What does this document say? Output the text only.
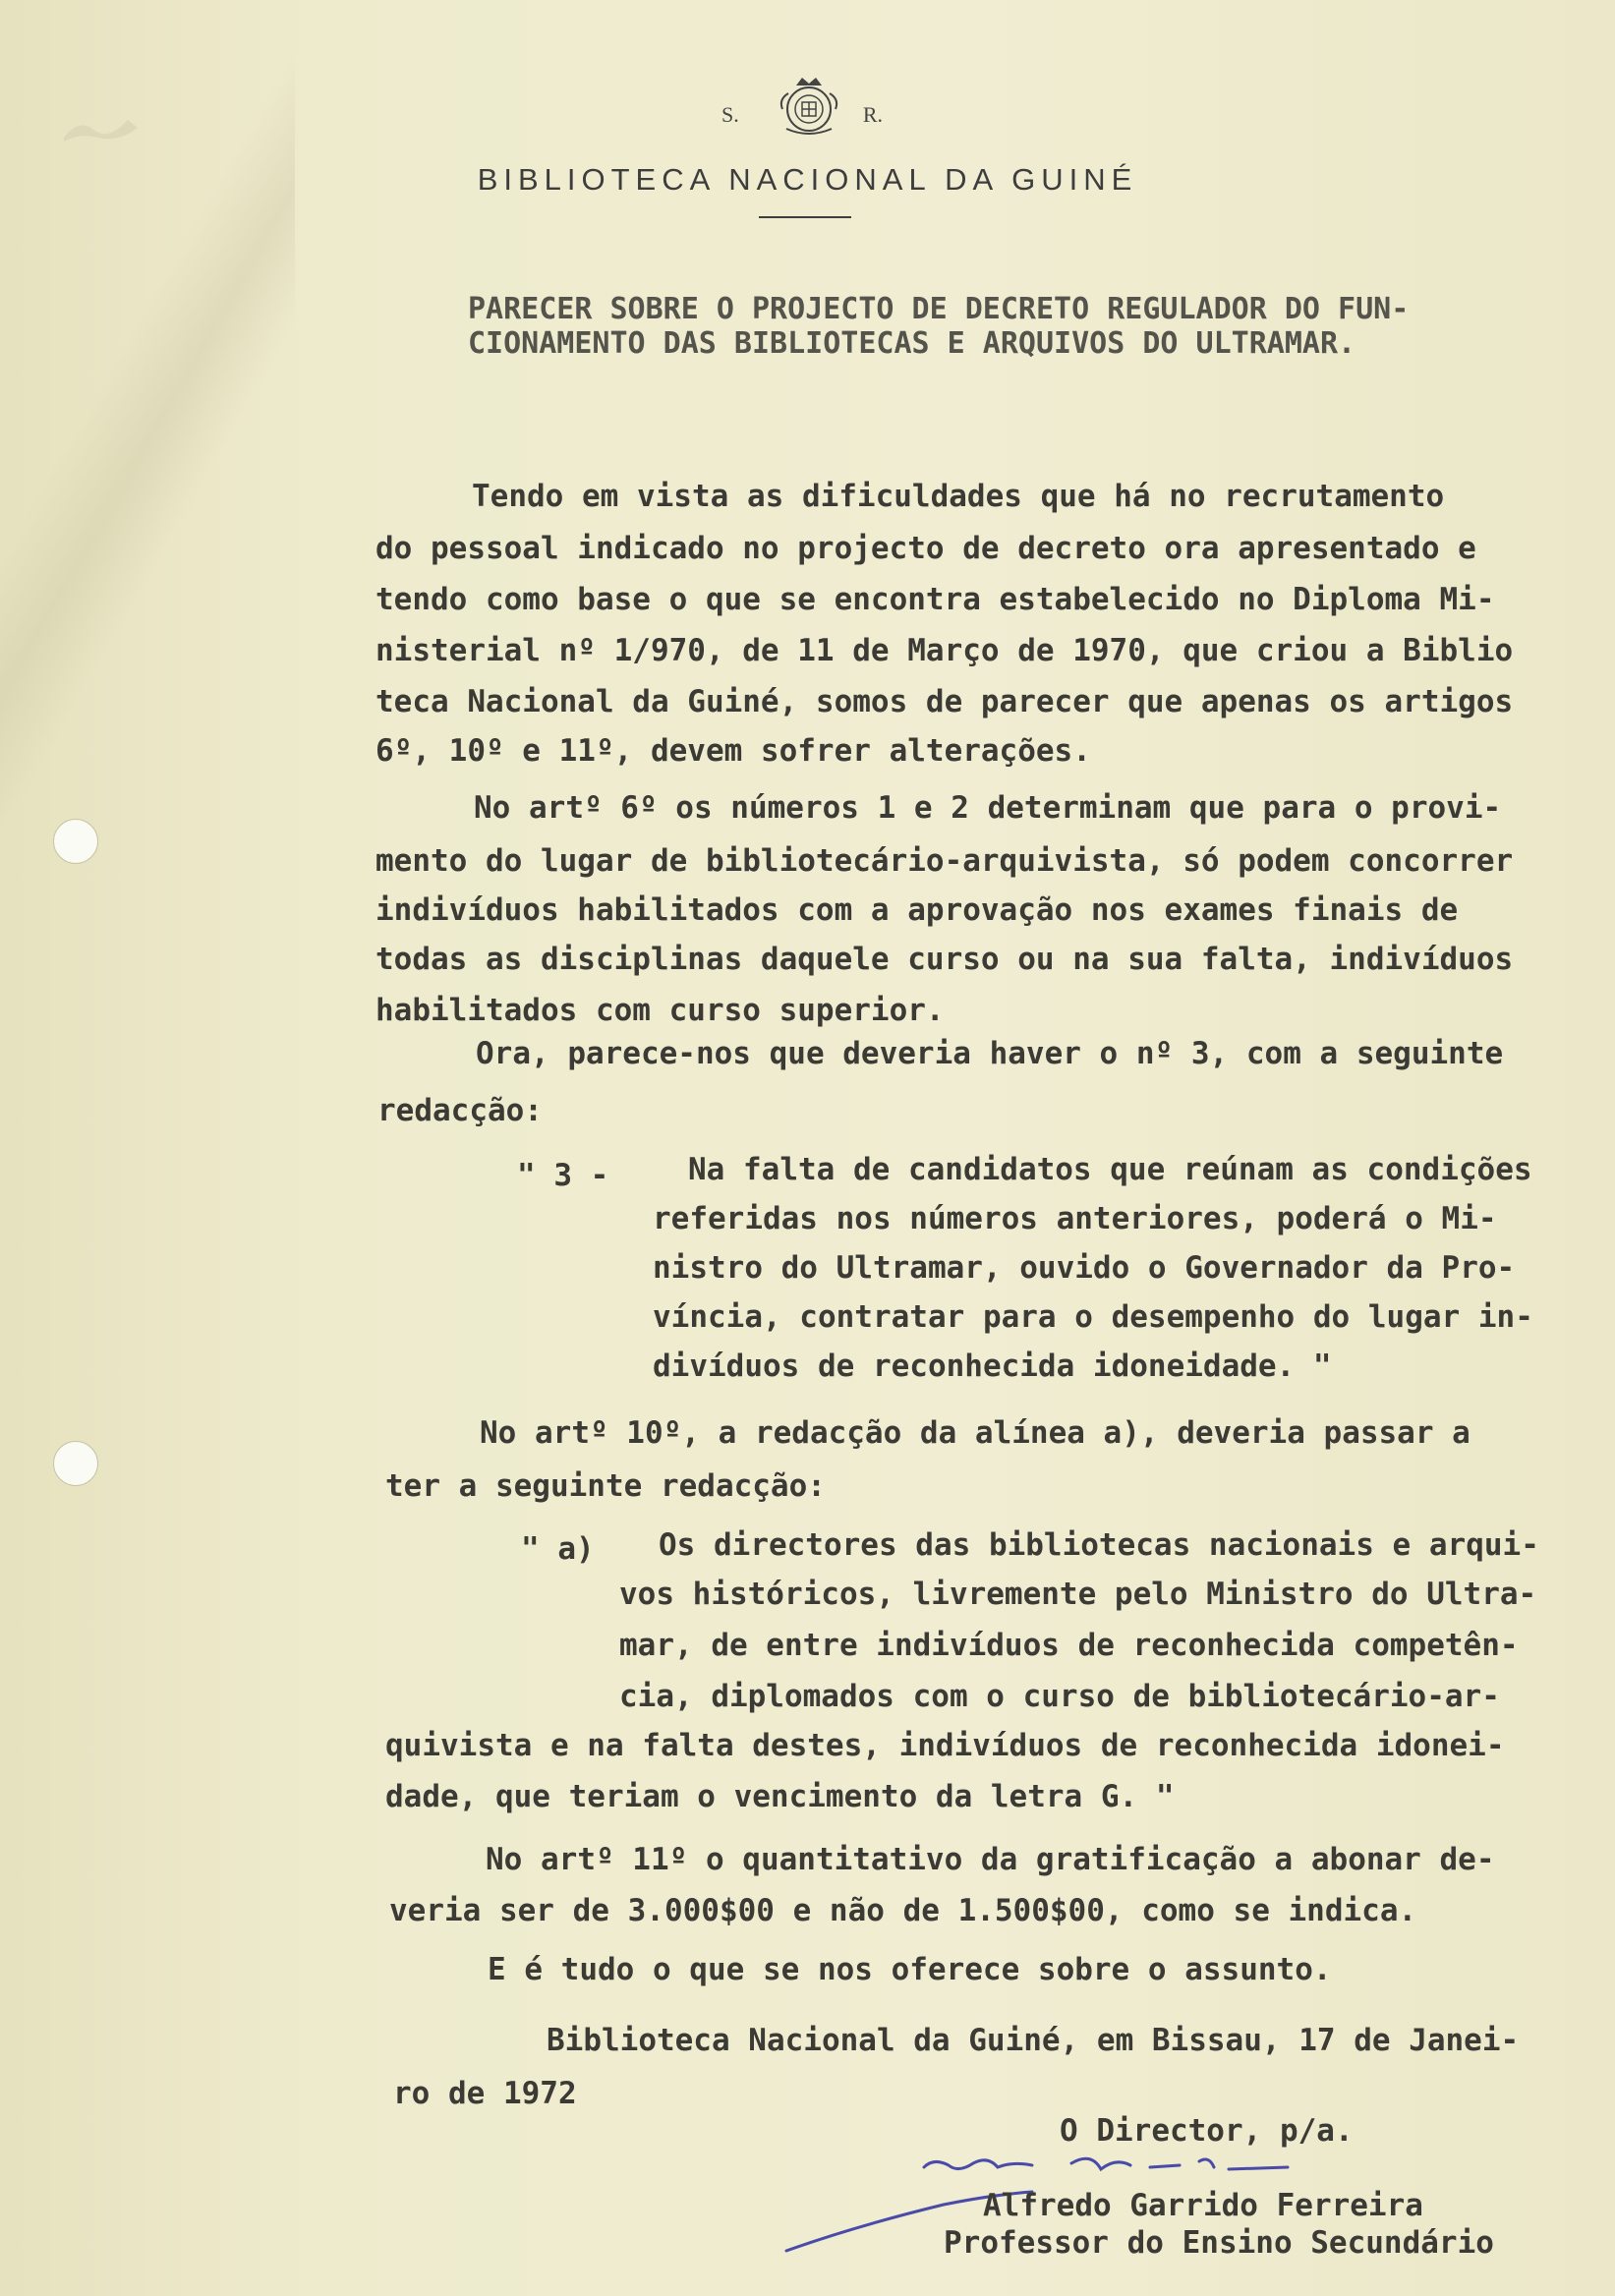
S.	R.
BIBLIOTECA NACIONAL DA GUINÉ
PARECER SOBRE O PROJECTO DE DECRETO REGULADOR DO FUN-
CIONAMENTO DAS BIBLIOTECAS E ARQUIVOS DO ULTRAMAR.
Tendo em vista as dificuldades que há no recrutamento
do pessoal indicado no projecto de decreto ora apresentado e
tendo como base o que se encontra estabelecido no Diploma Mi-
nisterial nº 1/970, de 11 de Março de 1970, que criou a Biblio
teca Nacional da Guiné, somos de parecer que apenas os artigos
6º, 10º e 11º, devem sofrer alterações.
No artº 6º os números 1 e 2 determinam que para o provi-
mento do lugar de bibliotecário-arquivista, só podem concorrer
indivíduos habilitados com a aprovação nos exames finais de
todas as disciplinas daquele curso ou na sua falta, indivíduos
habilitados com curso superior.
Ora, parece-nos que deveria haver o nº 3, com a seguinte
redacção:
" 3 -	Na falta de candidatos que reúnam as condições
referidas nos números anteriores, poderá o Mi-
nistro do Ultramar, ouvido o Governador da Pro-
víncia, contratar para o desempenho do lugar in-
divíduos de reconhecida idoneidade. "
No artº 10º, a redacção da alínea a), deveria passar a
ter a seguinte redacção:
" a) Os directores das bibliotecas nacionais e arqui-
vos históricos, livremente pelo Ministro do Ultra-
mar, de entre indivíduos de reconhecida competên-
cia, diplomados com o curso de bibliotecário-ar-
quivista e na falta destes, indivíduos de reconhecida idonei-
dade, que teriam o vencimento da letra G. "
No artº 11º o quantitativo da gratificação a abonar de-
veria ser de 3.000$00 e não de 1.500$00, como se indica.
E é tudo o que se nos oferece sobre o assunto.
Biblioteca Nacional da Guiné, em Bissau, 17 de Janei-
ro de 1972
O Director, p/a.
Alfredo Garrido Ferreira
Professor do Ensino Secundário
